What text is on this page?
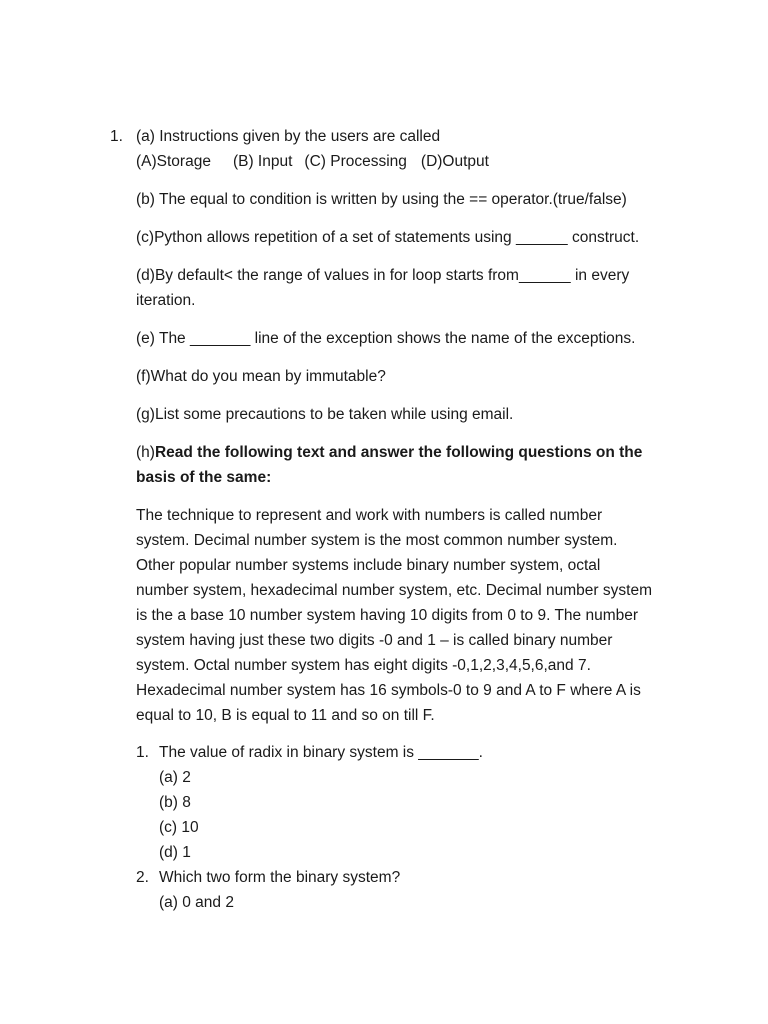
1. (a) Instructions given by the users are called

(A)Storage (B) Input (C) Processing (D)Output

(b) The equal to condition is written by using the == operator.(true/false)

(c)Python allows repetition of a set of statements using ______ construct.

(d)By default< the range of values in for loop starts from______ in every

iteration.

(e) The _______ line of the exception shows the name of the exceptions.

(f)What do you mean by immutable?

(g)List some precautions to be taken while using email.

(h)Read the following text and answer the following questions on the

basis of the same:

The technique to represent and work with numbers is called number

system. Decimal number system is the most common number system.

Other popular number systems include binary number system, octal

number system, hexadecimal number system, etc. Decimal number system

is the a base 10 number system having 10 digits from 0 to 9. The number

system having just these two digits -0 and 1 – is called binary number

system. Octal number system has eight digits -0,1,2,3,4,5,6,and 7.

Hexadecimal number system has 16 symbols-0 to 9 and A to F where A is

equal to 10, B is equal to 11 and so on till F.

1. The value of radix in binary system is _______.

(a) 2

(b) 8

(c) 10

(d) 1

2. Which two form the binary system?

(a) 0 and 2
